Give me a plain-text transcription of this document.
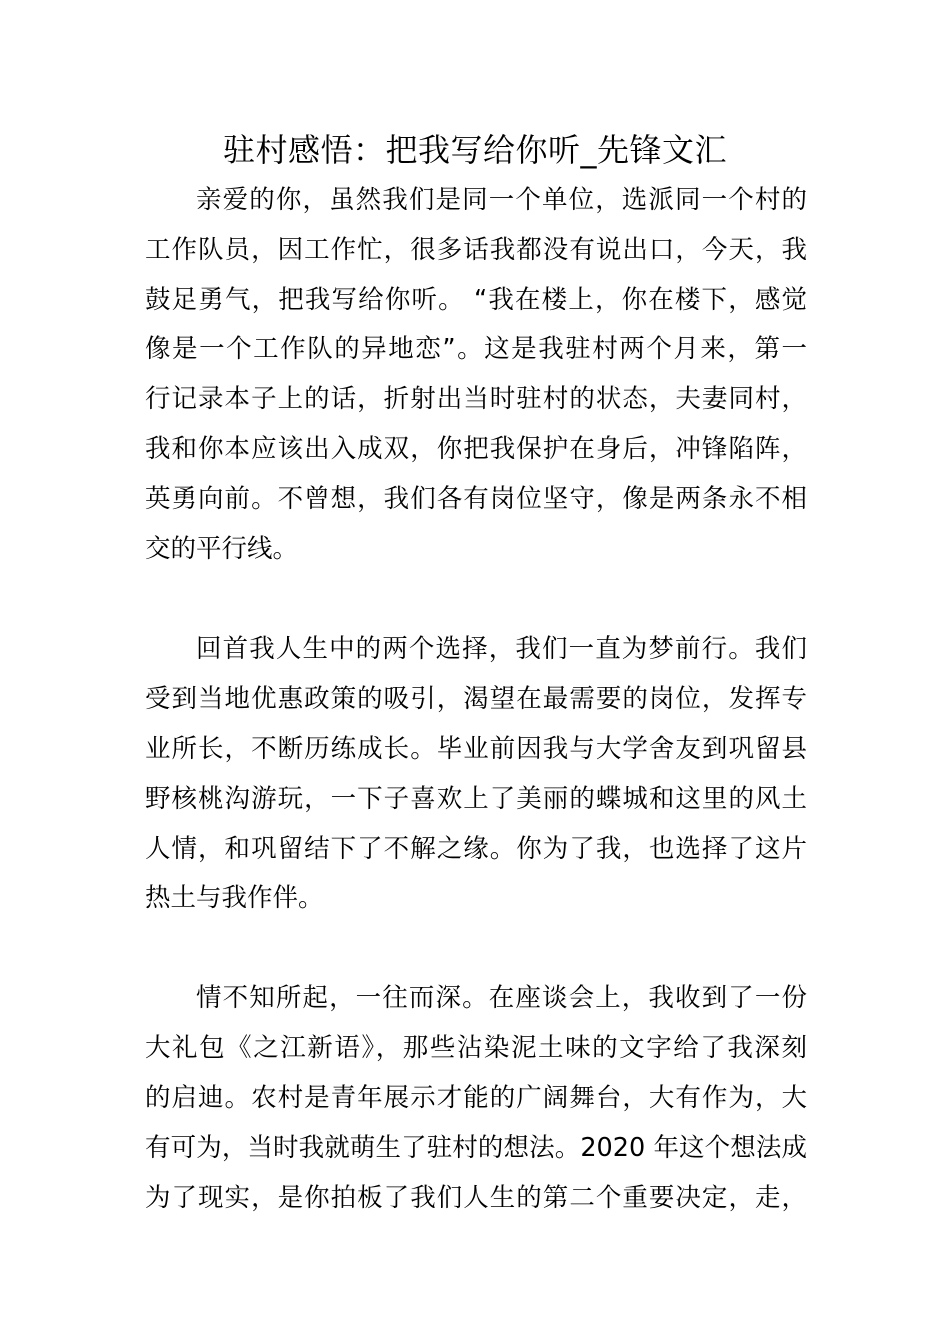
驻村感悟：把我写给你听_先锋文汇

亲爱的你，虽然我们是同一个单位，选派同一个村的

工作队员，因工作忙，很多话我都没有说出口，今天，我

鼓足勇气，把我写给你听。 “我在楼上，你在楼下，感觉

像是一个工作队的异地恋”。这是我驻村两个月来，第一

行记录本子上的话，折射出当时驻村的状态，夫妻同村，

我和你本应该出入成双，你把我保护在身后，冲锋陷阵，

英勇向前。不曾想，我们各有岗位坚守，像是两条永不相

交的平行线。

回首我人生中的两个选择，我们一直为梦前行。我们

受到当地优惠政策的吸引，渴望在最需要的岗位，发挥专

业所长，不断历练成长。毕业前因我与大学舍友到巩留县

野核桃沟游玩，一下子喜欢上了美丽的蝶城和这里的风土

人情，和巩留结下了不解之缘。你为了我，也选择了这片

热土与我作伴。

情不知所起，一往而深。在座谈会上，我收到了一份

大礼包《之江新语》，那些沾染泥土味的文字给了我深刻

的启迪。农村是青年展示才能的广阔舞台，大有作为，大

有可为，当时我就萌生了驻村的想法。2020 年这个想法成

为了现实，是你拍板了我们人生的第二个重要决定，走，
